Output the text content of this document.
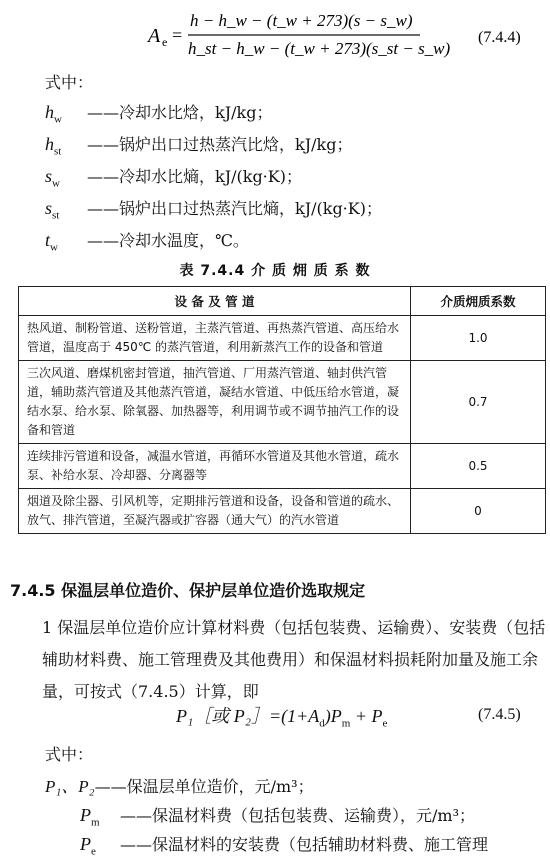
A e =
h − h_w − (t_w + 273)(s − s_w)
h_st − h_w − (t_w + 273)(s_st − s_w)
(7.4.4)
式中：
$h_w$ ——冷却水比焓，kJ/kg；
$h_{st}$ ——锅炉出口过热蒸汽比焓，kJ/kg；
$s_w$ ——冷却水比熵，kJ/(kg·K)；
$s_{st}$ ——锅炉出口过热蒸汽比熵，kJ/(kg·K)；
$t_w$ ——冷却水温度，℃。
表 7.4.4 介 质 㶲 质 系 数
设 备 及 管 道	介质㶲质系数
热风道、制粉管道、送粉管道，主蒸汽管道、再热蒸汽管道、高压给水管道，温度高于 450℃ 的蒸汽管道，利用新蒸汽工作的设备和管道	1.0
三次风道、磨煤机密封管道，抽汽管道、厂用蒸汽管道、轴封供汽管道，辅助蒸汽管道及其他蒸汽管道，凝结水管道、中低压给水管道，凝结水泵、给水泵、除氧器、加热器等，利用调节或不调节抽汽工作的设备和管道	0.7
连续排污管道和设备，减温水管道，再循环水管道及其他水管道，疏水泵、补给水泵、冷却器、分离器等	0.5
烟道及除尘器、引风机等，定期排污管道和设备，设备和管道的疏水、放气、排汽管道，至凝汽器或扩容器（通大气）的汽水管道	0
7.4.5 保温层单位造价、保护层单位造价选取规定
1 保温层单位造价应计算材料费（包括包装费、运输费）、安装费（包括辅助材料费、施工管理费及其他费用）和保温材料损耗附加量及施工余量，可按式（7.4.5）计算，即
P₁［或 $P_2]=(1+A_d)P_m + P_e$
(7.4.5)
式中：
P₁、P₂——保温层单位造价，元/m³；
$P_m$ ——保温材料费（包括包装费、运输费），元/m³；
$P_e$ ——保温材料的安装费（包括辅助材料费、施工管理
